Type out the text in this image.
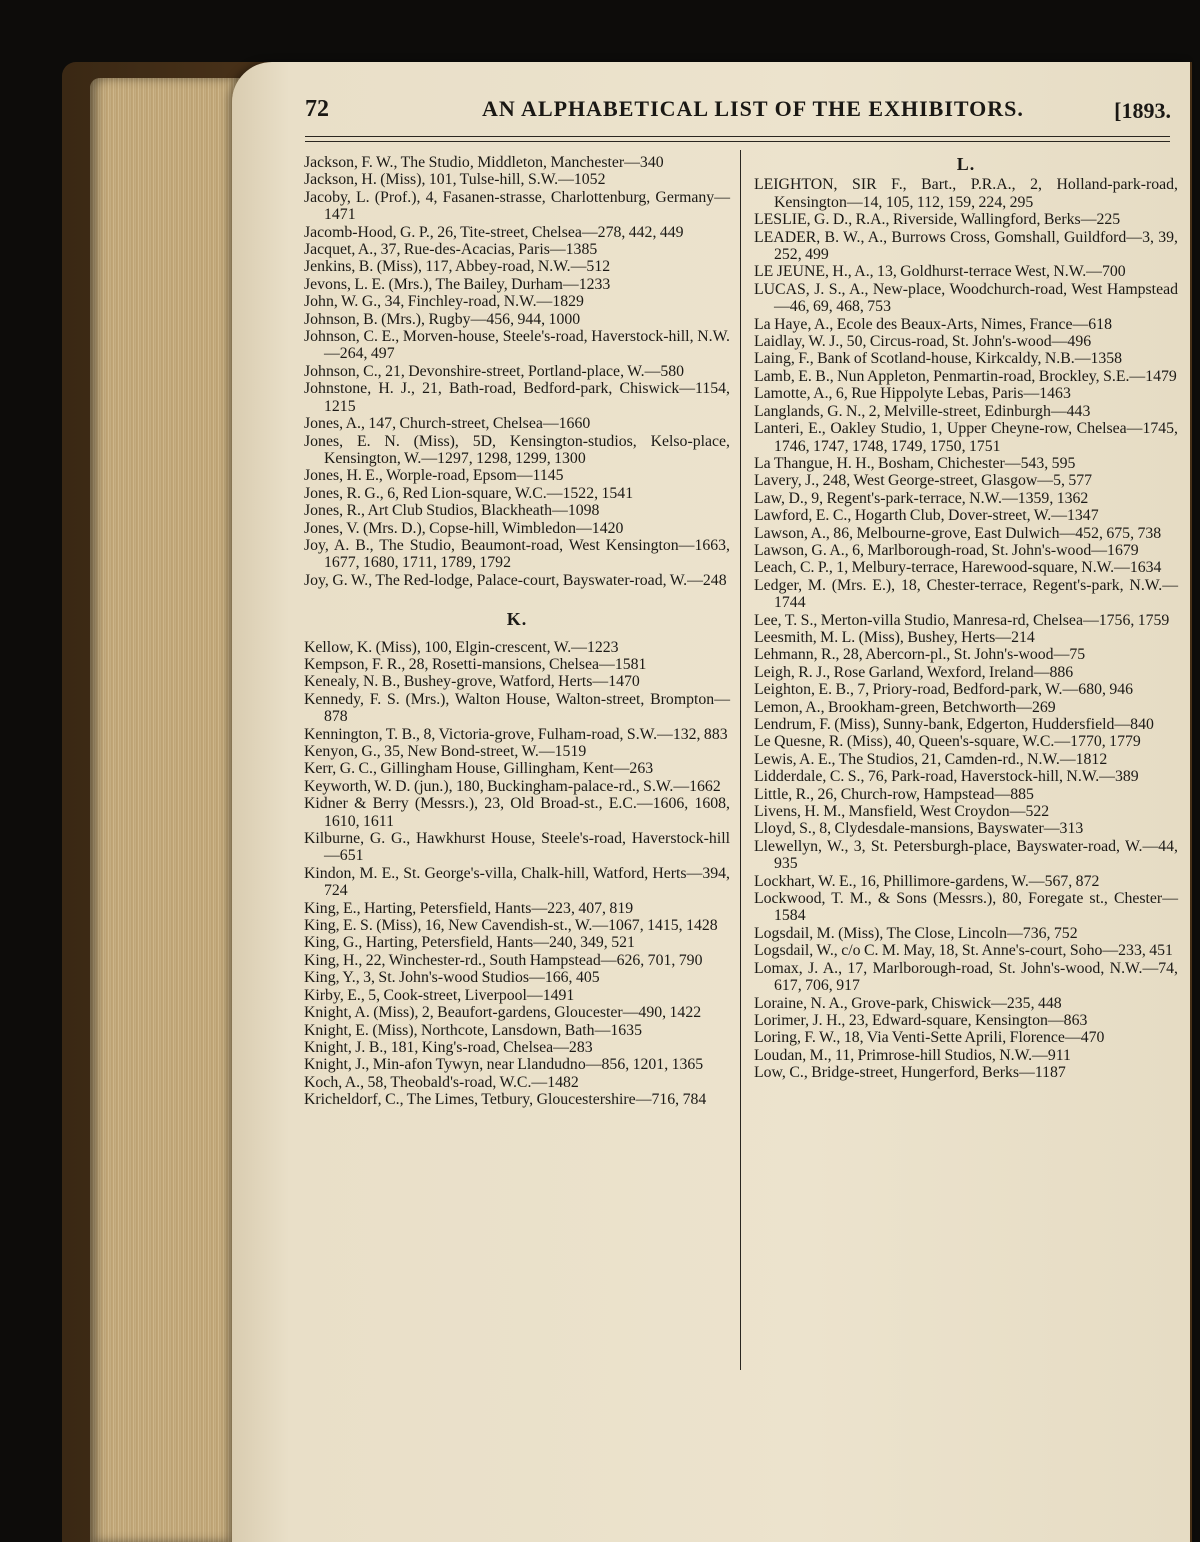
72	AN ALPHABETICAL LIST OF THE EXHIBITORS.	[1893.

Jackson, F. W., The Studio, Middleton, Manchester—340

Jackson, H. (Miss), 101, Tulse-hill, S.W.—1052

Jacoby, L. (Prof.), 4, Fasanen-strasse, Charlottenburg, Germany—1471

Jacomb-Hood, G. P., 26, Tite-street, Chelsea—278, 442, 449

Jacquet, A., 37, Rue-des-Acacias, Paris—1385

Jenkins, B. (Miss), 117, Abbey-road, N.W.—512

Jevons, L. E. (Mrs.), The Bailey, Durham—1233

John, W. G., 34, Finchley-road, N.W.—1829

Johnson, B. (Mrs.), Rugby—456, 944, 1000

Johnson, C. E., Morven-house, Steele's-road, Haverstock-hill, N.W.—264, 497

Johnson, C., 21, Devonshire-street, Portland-place, W.—580

Johnstone, H. J., 21, Bath-road, Bedford-park, Chiswick—1154, 1215

Jones, A., 147, Church-street, Chelsea—1660

Jones, E. N. (Miss), 5D, Kensington-studios, Kelso-place, Kensington, W.—1297, 1298, 1299, 1300

Jones, H. E., Worple-road, Epsom—1145

Jones, R. G., 6, Red Lion-square, W.C.—1522, 1541

Jones, R., Art Club Studios, Blackheath—1098

Jones, V. (Mrs. D.), Copse-hill, Wimbledon—1420

Joy, A. B., The Studio, Beaumont-road, West Kensington—1663, 1677, 1680, 1711, 1789, 1792

Joy, G. W., The Red-lodge, Palace-court, Bayswater-road, W.—248

K.

Kellow, K. (Miss), 100, Elgin-crescent, W.—1223

Kempson, F. R., 28, Rosetti-mansions, Chelsea—1581

Kenealy, N. B., Bushey-grove, Watford, Herts—1470

Kennedy, F. S. (Mrs.), Walton House, Walton-street, Brompton—878

Kennington, T. B., 8, Victoria-grove, Fulham-road, S.W.—132, 883

Kenyon, G., 35, New Bond-street, W.—1519

Kerr, G. C., Gillingham House, Gillingham, Kent—263

Keyworth, W. D. (jun.), 180, Buckingham-palace-rd., S.W.—1662

Kidner & Berry (Messrs.), 23, Old Broad-st., E.C.—1606, 1608, 1610, 1611

Kilburne, G. G., Hawkhurst House, Steele's-road, Haverstock-hill—651

Kindon, M. E., St. George's-villa, Chalk-hill, Watford, Herts—394, 724

King, E., Harting, Petersfield, Hants—223, 407, 819

King, E. S. (Miss), 16, New Cavendish-st., W.—1067, 1415, 1428

King, G., Harting, Petersfield, Hants—240, 349, 521

King, H., 22, Winchester-rd., South Hampstead—626, 701, 790

King, Y., 3, St. John's-wood Studios—166, 405

Kirby, E., 5, Cook-street, Liverpool—1491

Knight, A. (Miss), 2, Beaufort-gardens, Gloucester—490, 1422

Knight, E. (Miss), Northcote, Lansdown, Bath—1635

Knight, J. B., 181, King's-road, Chelsea—283

Knight, J., Min-afon Tywyn, near Llandudno—856, 1201, 1365

Koch, A., 58, Theobald's-road, W.C.—1482

Kricheldorf, C., The Limes, Tetbury, Gloucestershire—716, 784

L.

LEIGHTON, SIR F., Bart., P.R.A., 2, Holland-park-road, Kensington—14, 105, 112, 159, 224, 295

LESLIE, G. D., R.A., Riverside, Wallingford, Berks—225

LEADER, B. W., A., Burrows Cross, Gomshall, Guildford—3, 39, 252, 499

LE JEUNE, H., A., 13, Goldhurst-terrace West, N.W.—700

LUCAS, J. S., A., New-place, Woodchurch-road, West Hampstead—46, 69, 468, 753

La Haye, A., Ecole des Beaux-Arts, Nimes, France—618

Laidlay, W. J., 50, Circus-road, St. John's-wood—496

Laing, F., Bank of Scotland-house, Kirkcaldy, N.B.—1358

Lamb, E. B., Nun Appleton, Penmartin-road, Brockley, S.E.—1479

Lamotte, A., 6, Rue Hippolyte Lebas, Paris—1463

Langlands, G. N., 2, Melville-street, Edinburgh—443

Lanteri, E., Oakley Studio, 1, Upper Cheyne-row, Chelsea—1745, 1746, 1747, 1748, 1749, 1750, 1751

La Thangue, H. H., Bosham, Chichester—543, 595

Lavery, J., 248, West George-street, Glasgow—5, 577

Law, D., 9, Regent's-park-terrace, N.W.—1359, 1362

Lawford, E. C., Hogarth Club, Dover-street, W.—1347

Lawson, A., 86, Melbourne-grove, East Dulwich—452, 675, 738

Lawson, G. A., 6, Marlborough-road, St. John's-wood—1679

Leach, C. P., 1, Melbury-terrace, Harewood-square, N.W.—1634

Ledger, M. (Mrs. E.), 18, Chester-terrace, Regent's-park, N.W.—1744

Lee, T. S., Merton-villa Studio, Manresa-rd, Chelsea—1756, 1759

Leesmith, M. L. (Miss), Bushey, Herts—214

Lehmann, R., 28, Abercorn-pl., St. John's-wood—75

Leigh, R. J., Rose Garland, Wexford, Ireland—886

Leighton, E. B., 7, Priory-road, Bedford-park, W.—680, 946

Lemon, A., Brookham-green, Betchworth—269

Lendrum, F. (Miss), Sunny-bank, Edgerton, Huddersfield—840

Le Quesne, R. (Miss), 40, Queen's-square, W.C.—1770, 1779

Lewis, A. E., The Studios, 21, Camden-rd., N.W.—1812

Lidderdale, C. S., 76, Park-road, Haverstock-hill, N.W.—389

Little, R., 26, Church-row, Hampstead—885

Livens, H. M., Mansfield, West Croydon—522

Lloyd, S., 8, Clydesdale-mansions, Bayswater—313

Llewellyn, W., 3, St. Petersburgh-place, Bayswater-road, W.—44, 935

Lockhart, W. E., 16, Phillimore-gardens, W.—567, 872

Lockwood, T. M., & Sons (Messrs.), 80, Foregate st., Chester—1584

Logsdail, M. (Miss), The Close, Lincoln—736, 752

Logsdail, W., c/o C. M. May, 18, St. Anne's-court, Soho—233, 451

Lomax, J. A., 17, Marlborough-road, St. John's-wood, N.W.—74, 617, 706, 917

Loraine, N. A., Grove-park, Chiswick—235, 448

Lorimer, J. H., 23, Edward-square, Kensington—863

Loring, F. W., 18, Via Venti-Sette Aprili, Florence—470

Loudan, M., 11, Primrose-hill Studios, N.W.—911

Low, C., Bridge-street, Hungerford, Berks—1187
